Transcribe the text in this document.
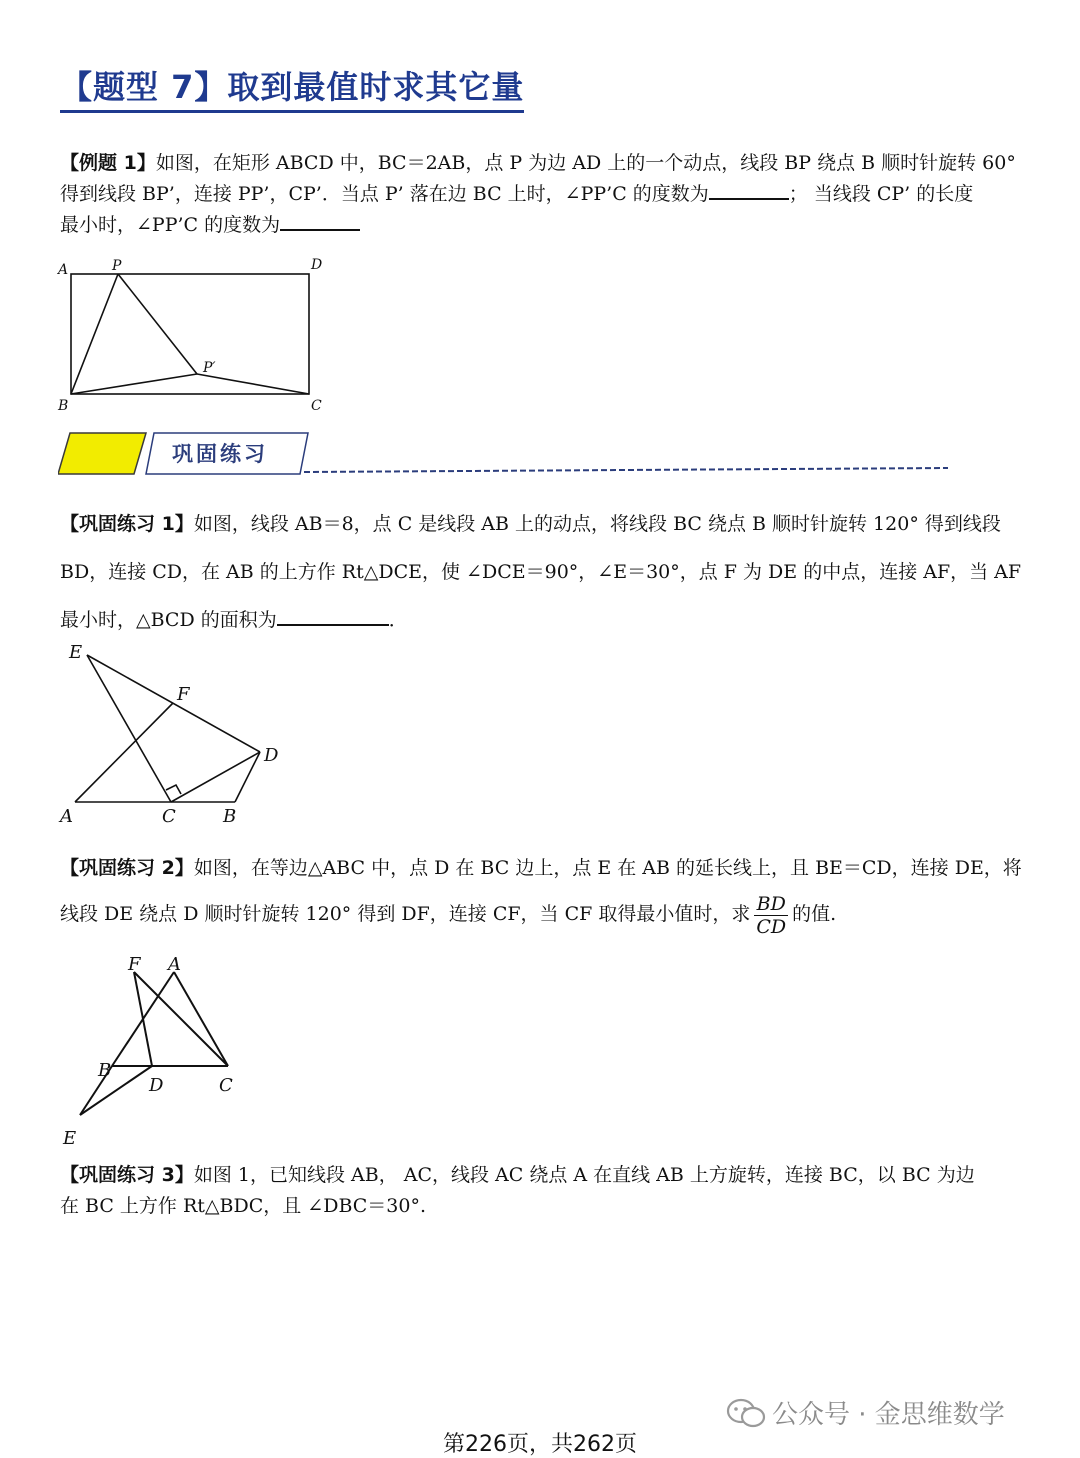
【题型 7】取到最值时求其它量
【例题 1】如图，在矩形 ABCD 中，BC＝2AB，点 P 为边 AD 上的一个动点，线段 BP 绕点 B 顺时针旋转 60°
得到线段 BP’，连接 PP’，CP’．当点 P’ 落在边 BC 上时，∠PP’C 的度数为	； 当线段 CP’ 的长度
最小时，∠PP’C 的度数为
A	P	D
P′
B	C
巩固练习
【巩固练习 1】如图，线段 AB＝8，点 C 是线段 AB 上的动点，将线段 BC 绕点 B 顺时针旋转 120° 得到线段
BD，连接 CD，在 AB 的上方作 Rt△DCE，使 ∠DCE＝90°，∠E＝30°，点 F 为 DE 的中点，连接 AF，当 AF
最小时，△BCD 的面积为	．
E
F
D
A	C	B
【巩固练习 2】如图，在等边△ABC 中，点 D 在 BC 边上，点 E 在 AB 的延长线上，且 BE＝CD，连接 DE，将
线段 DE 绕点 D 顺时针旋转 120° 得到 DF，连接 CF，当 CF 取得最小值时，求 $\frac{BD}{CD}$ 的值.
F A
B
D	C
E
【巩固练习 3】如图 1，已知线段 AB， AC，线段 AC 绕点 A 在直线 AB 上方旋转，连接 BC，以 BC 为边
在 BC 上方作 Rt△BDC，且 ∠DBC＝30°.
公众号 · 金思维数学
第226页，共262页
